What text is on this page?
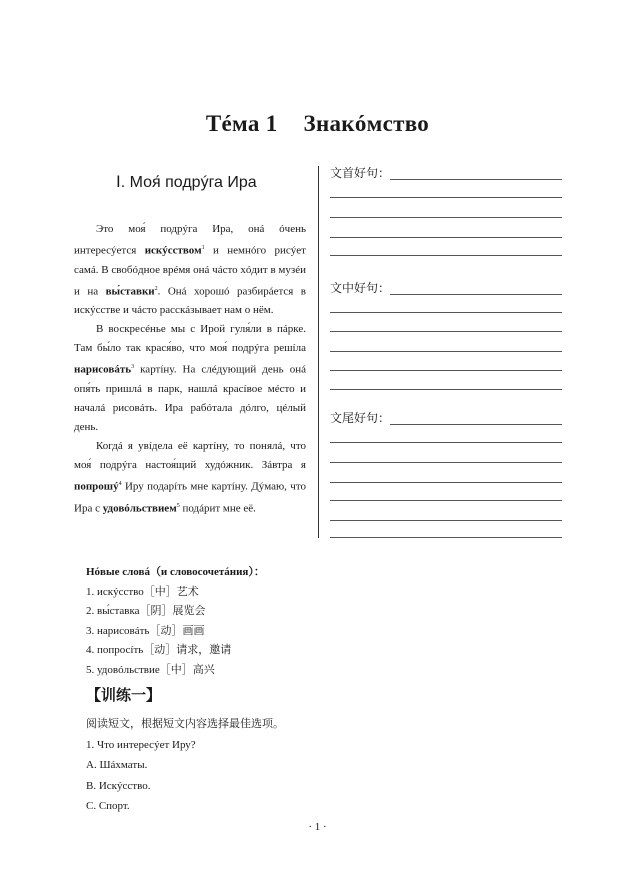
Тéма 1 Знакóмство
Ⅰ. Моя́ подрýга Ира

Это моя́ подрýга Ира, онá óчень интересýется искýсством$^1$ и немнóго рисýет самá. В свобóдное врéмя онá чáсто хóдит в музéи и на вы́ставки$^2$. Онá хорошó разбирáется в искýсстве и чáсто расскáзывает нам о нём.

В воскресéнье мы с Ирой гуля́ли в пáрке. Там бы́ло так крася́во, что моя́ подрýга решíла нарисовáть$^3$ картíну. На слéдующий день онá опя́ть пришлá в парк, нашлá красíвое мéсто и началá рисовáть. Ира рабóтала дóлго, цéлый день.

Когдá я увíдела её картíну, то понялá, что моя́ подрýга настоя́щий худóжник. Зáвтра я попрошý$^4$ Иру подарíть мне картíну. Дýмаю, что Ира с удовóльствием$^5$ подáрит мне её.

文首好句：
文中好句：
文尾好句：
Нóвые словá（и словосочетáния）：
1. искýсство［中］艺术
2. вы́ставка［阴］展览会
3. нарисовáть［动］画画
4. попросíть［动］请求，邀请
5. удовóльствие［中］高兴
【训练一】
阅读短文，根据短文内容选择最佳选项。
1. Что интересýет Иру?
A. Шáхматы.
B. Искýсство.
C. Спорт.
· 1 ·
